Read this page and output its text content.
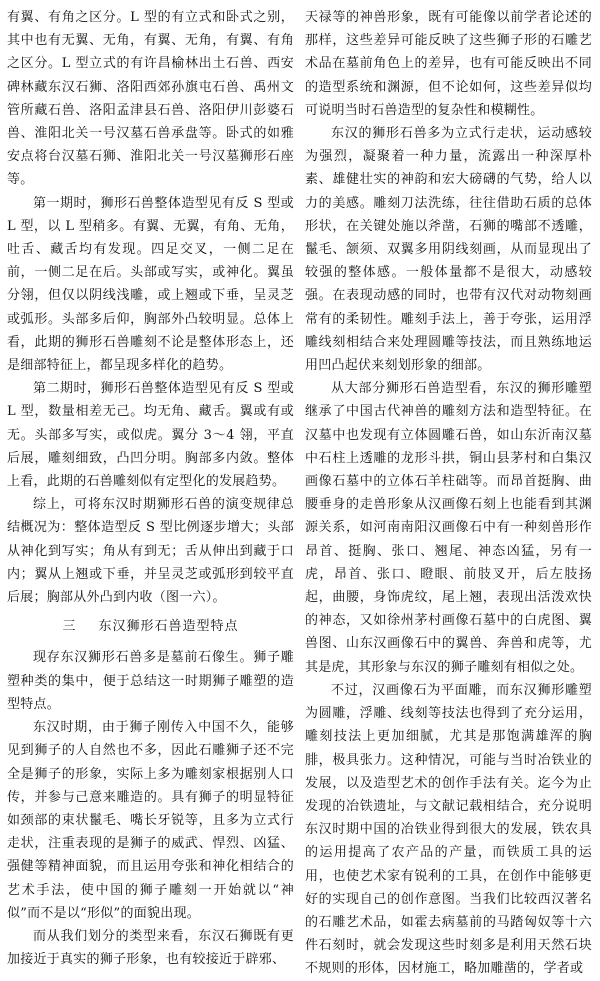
有翼、有角之区分。L 型的有立式和卧式之别，其中也有无翼、无角，有翼、无角，有翼、有角之区分。L 型立式的有许昌榆林出土石兽、西安碑林藏东汉石狮、洛阳西郊孙旗屯石兽、禹州文管所藏石兽、洛阳孟津县石兽、洛阳伊川彭婆石兽、淮阳北关一号汉墓石兽承盘等。卧式的如雅安点将台汉墓石狮、淮阳北关一号汉墓狮形石座等。

第一期时，狮形石兽整体造型见有反 S 型或 L 型，以 L 型稍多。有翼、无翼，有角、无角，吐舌、藏舌均有发现。四足交叉，一侧二足在前，一侧二足在后。头部或写实，或神化。翼虽分翎，但仅以阴线浅雕，或上翘或下垂，呈灵芝或弧形。头部多后仰，胸部外凸较明显。总体上看，此期的狮形石兽雕刻不论是整体形态上，还是细部特征上，都呈现多样化的趋势。

第二期时，狮形石兽整体造型见有反 S 型或 L 型，数量相差无己。均无角、藏舌。翼或有或无。头部多写实，或似虎。翼分 3～4 翎，平直后展，雕刻细致，凸凹分明。胸部多内敛。整体上看，此期的石兽雕刻似有定型化的发展趋势。

综上，可将东汉时期狮形石兽的演变规律总结概况为：整体造型反 S 型比例逐步增大；头部从神化到写实；角从有到无；舌从伸出到藏于口内；翼从上翘或下垂，并呈灵芝或弧形到较平直后展；胸部从外凸到内收（图一六）。

三 东汉狮形石兽造型特点

现存东汉狮形石兽多是墓前石像生。狮子雕塑种类的集中，便于总结这一时期狮子雕塑的造型特点。

东汉时期，由于狮子刚传入中国不久，能够见到狮子的人自然也不多，因此石雕狮子还不完全是狮子的形象，实际上多为雕刻家根据别人口传，并参与己意来雕造的。具有狮子的明显特征如颈部的束状鬣毛、嘴长牙锐等，且多为立式行走状，注重表现的是狮子的威武、悍烈、凶猛、强健等精神面貌，而且运用夸张和神化相结合的艺术手法，使中国的狮子雕刻一开始就以“神似”而不是以“形似”的面貌出现。

而从我们划分的类型来看，东汉石狮既有更加接近于真实的狮子形象，也有较接近于辟邪、

天禄等的神兽形象，既有可能像以前学者论述的那样，这些差异可能反映了这些狮子形的石雕艺术品在墓前角色上的差异，也有可能反映出不同的造型系统和渊源，但不论如何，这些差异似均可说明当时石兽造型的复杂性和模糊性。

东汉的狮形石兽多为立式行走状，运动感较为强烈，凝聚着一种力量，流露出一种深厚朴素、雄健壮实的神韵和宏大磅礴的气势，给人以力的美感。雕刻刀法洗练，往往借助石质的总体形状，在关键处施以斧凿，石狮的嘴部不透雕，鬣毛、颔须、双翼多用阴线刻画，从而显现出了较强的整体感。一般体量都不是很大，动感较强。在表现动感的同时，也带有汉代对动物刻画常有的柔韧性。雕刻手法上，善于夸张，运用浮雕线刻相结合来处理圆雕等技法，而且熟练地运用凹凸起伏来刻划形象的细部。

从大部分狮形石兽造型看，东汉的狮形雕塑继承了中国古代神兽的雕刻方法和造型特征。在汉墓中也发现有立体圆雕石兽，如山东沂南汉墓中石柱上透雕的龙形斗拱，铜山县茅村和白集汉画像石墓中的立体石羊柱础等。而昂首挺胸、曲腰垂身的走兽形象从汉画像石刻上也能看到其渊源关系，如河南南阳汉画像石中有一种刻兽形作昂首、挺胸、张口、翘尾、神态凶猛，另有一虎，昂首、张口、瞪眼、前肢叉开，后左肢扬起，曲腰，身饰虎纹，尾上翘，表现出活泼欢快的神态，又如徐州茅村画像石墓中的白虎图、翼兽图、山东汉画像石中的翼兽、奔兽和虎等，尤其是虎，其形象与东汉的狮子雕刻有相似之处。

不过，汉画像石为平面雕，而东汉狮形雕塑为圆雕，浮雕、线刻等技法也得到了充分运用，雕刻技法上更加细腻，尤其是那饱满雄浑的胸腓，极具张力。这种情况，可能与当时冶铁业的发展，以及造型艺术的创作手法有关。迄今为止发现的冶铁遗址，与文献记载相结合，充分说明东汉时期中国的冶铁业得到很大的发展，铁农具的运用提高了农产品的产量，而铁质工具的运用，也使艺术家有锐利的工具，在创作中能够更好的实现自己的创作意图。当我们比较西汉著名的石雕艺术品，如霍去病墓前的马踏匈奴等十六件石刻时，就会发现这些时刻多是利用天然石块不规则的形体，因材施工，略加雕凿的，学者或
